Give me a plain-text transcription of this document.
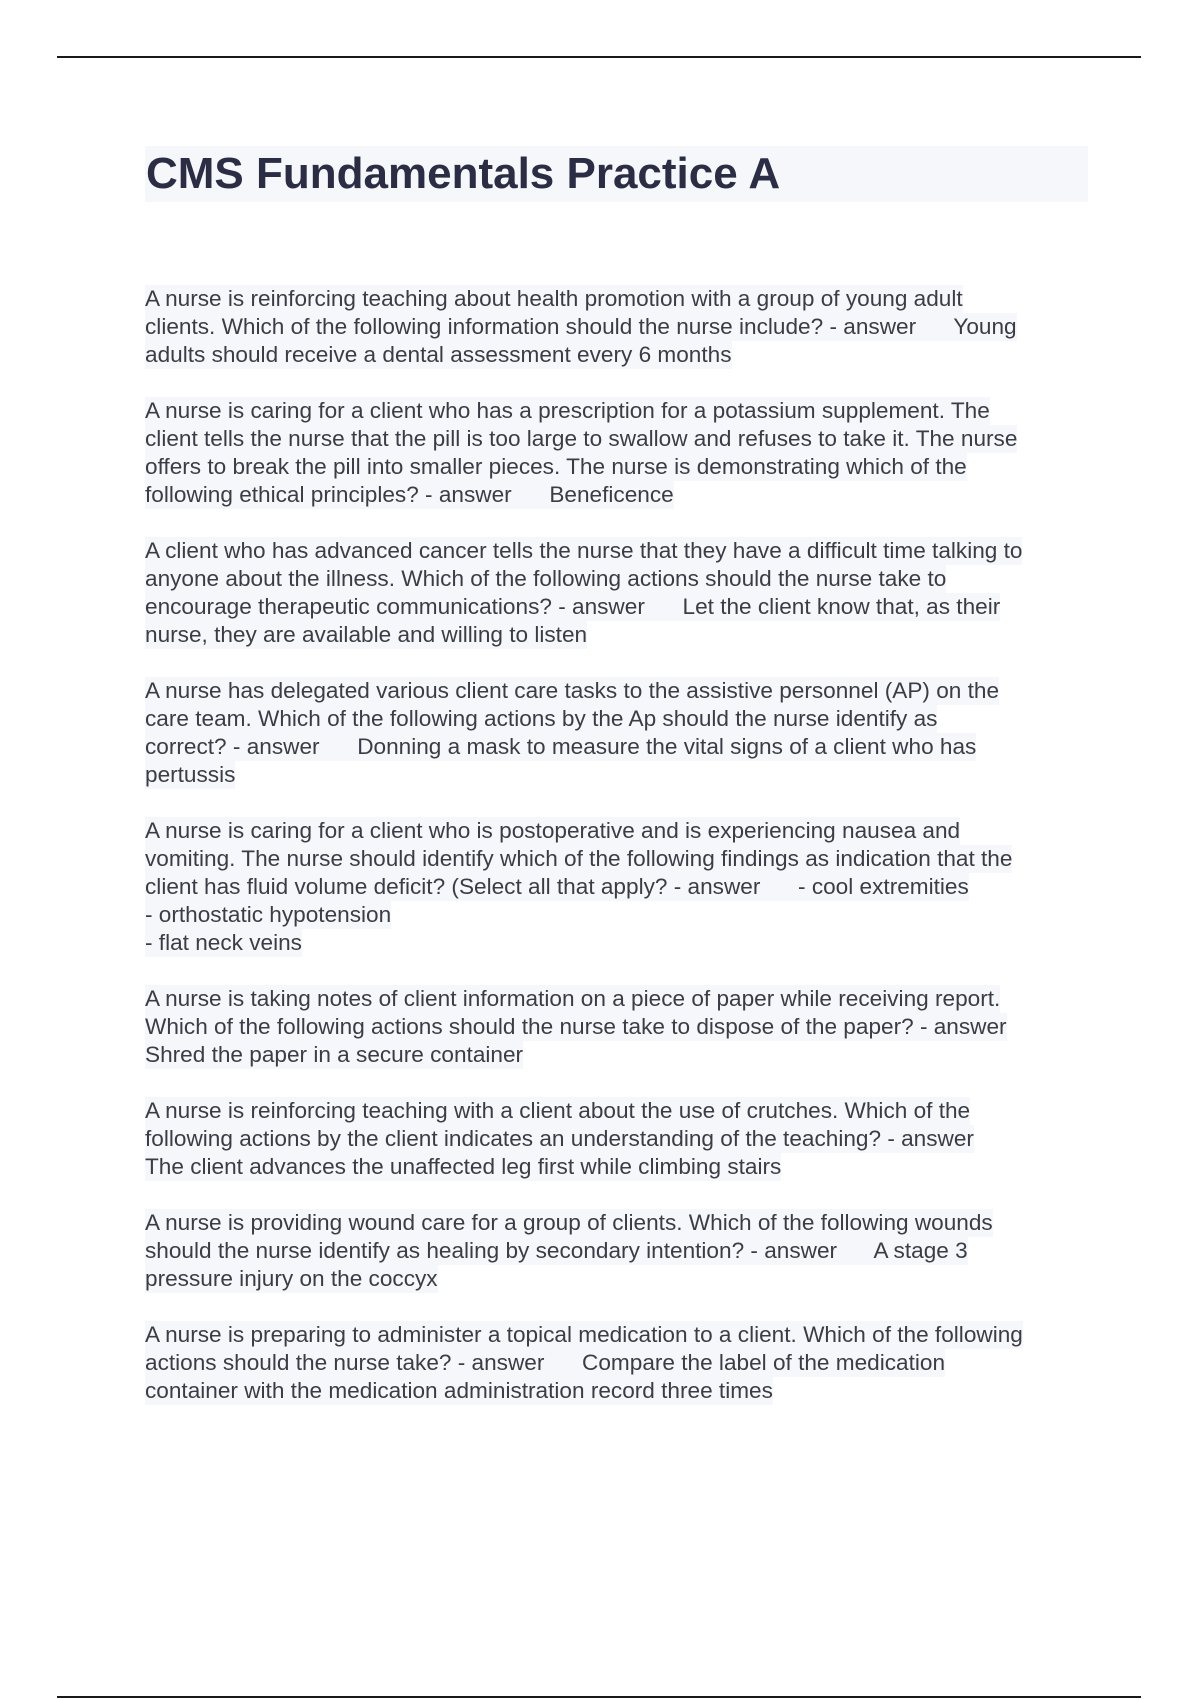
CMS Fundamentals Practice A
A nurse is reinforcing teaching about health promotion with a group of young adult
clients. Which of the following information should the nurse include? - answer      Young
adults should receive a dental assessment every 6 months
A nurse is caring for a client who has a prescription for a potassium supplement. The
client tells the nurse that the pill is too large to swallow and refuses to take it. The nurse
offers to break the pill into smaller pieces. The nurse is demonstrating which of the
following ethical principles? - answer      Beneficence
A client who has advanced cancer tells the nurse that they have a difficult time talking to
anyone about the illness. Which of the following actions should the nurse take to
encourage therapeutic communications? - answer      Let the client know that, as their
nurse, they are available and willing to listen
A nurse has delegated various client care tasks to the assistive personnel (AP) on the
care team. Which of the following actions by the Ap should the nurse identify as
correct? - answer      Donning a mask to measure the vital signs of a client who has
pertussis
A nurse is caring for a client who is postoperative and is experiencing nausea and
vomiting. The nurse should identify which of the following findings as indication that the
client has fluid volume deficit? (Select all that apply? - answer      - cool extremities
- orthostatic hypotension
- flat neck veins
A nurse is taking notes of client information on a piece of paper while receiving report.
Which of the following actions should the nurse take to dispose of the paper? - answer
Shred the paper in a secure container
A nurse is reinforcing teaching with a client about the use of crutches. Which of the
following actions by the client indicates an understanding of the teaching? - answer
The client advances the unaffected leg first while climbing stairs
A nurse is providing wound care for a group of clients. Which of the following wounds
should the nurse identify as healing by secondary intention? - answer      A stage 3
pressure injury on the coccyx
A nurse is preparing to administer a topical medication to a client. Which of the following
actions should the nurse take? - answer      Compare the label of the medication
container with the medication administration record three times
